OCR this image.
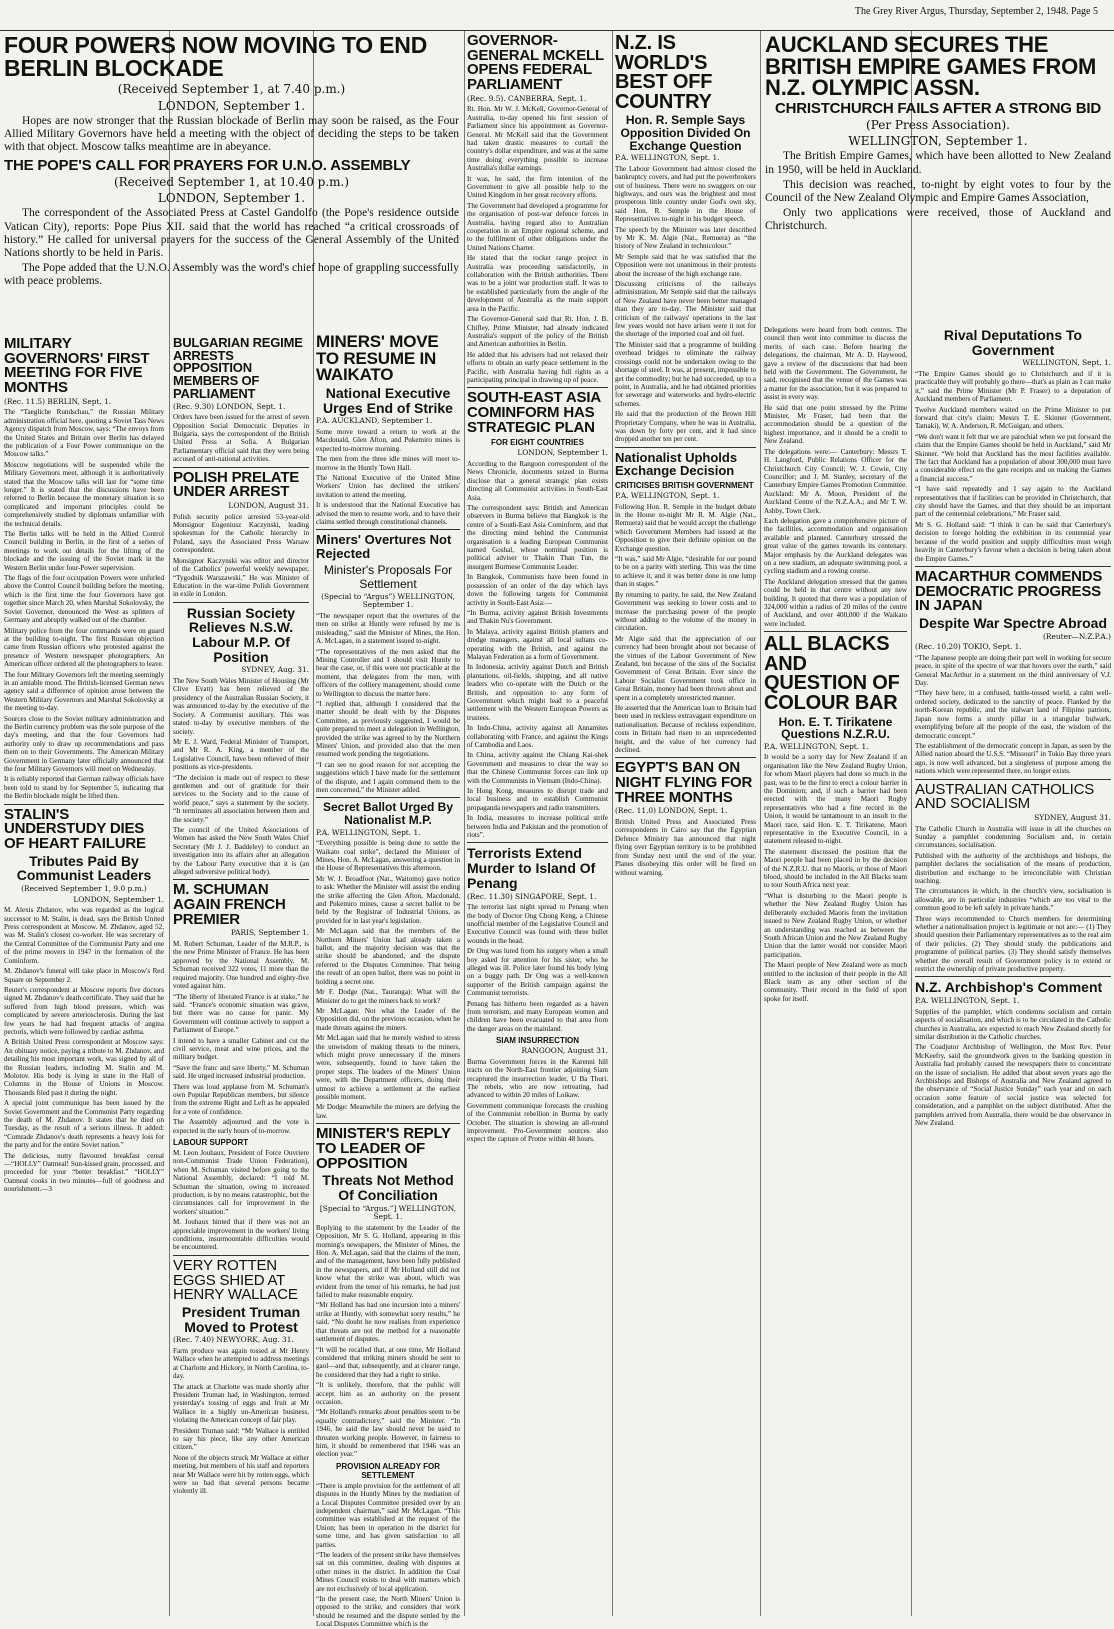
The Grey River Argus, Thursday, September 2, 1948. Page 5
FOUR POWERS NOW MOVING TO END BERLIN BLOCKADE
(Received September 1, at 7.40 p.m.)
LONDON, September 1.

Hopes are now stronger that the Russian blockade of Berlin may soon be raised, as the Four Allied Military Governors have held a meeting with the object of deciding the steps to be taken with that object. Moscow talks meantime are in abeyance.

THE POPE'S CALL FOR PRAYERS FOR U.N.O. ASSEMBLY
(Received September 1, at 10.40 p.m.)
LONDON, September 1.

The correspondent of the Associated Press at Castel Gandolfo (the Pope's residence outside Vatican City), reports: Pope Pius XII. said that the world has reached “a critical crossroads of history.” He called for universal prayers for the success of the General Assembly of the United Nations shortly to be held in Paris.

The Pope added that the U.N.O. Assembly was the word's chief hope of grappling successfully with peace problems.

MILITARY GOVERNORS' FIRST MEETING FOR FIVE MONTHS
(Rec. 11.5) BERLIN, Sept. 1.

The “Taegliche Rundschau,” the Russian Military administration official here, quoting a Soviet Tass News Agency dispatch from Moscow, says: “The envoys from the United States and Britain over Berlin has delayed the publication of a Four Power communique on the Moscow talks.”

Moscow negotiations will be suspended while the Military Governors meet, although it is authoritatively stated that the Moscow talks will last for “some time longer.” It is stated that the discussions have been referred to Berlin because the monetary situation is so complicated and important principles could be comprehensively studied by diplomats unfamiliar with the technical details.

The Berlin talks will be held in the Allied Control Council building in Berlin, in the first of a series of meetings to work out details for the lifting of the blockade and the issuing of the Soviet mark in the Western Berlin under four-Power supervision.

The flags of the four occupation Powers were unfurled above the Control Council building before the meeting, which is the first time the four Governors have got together since March 20, when Marshal Sokolovsky, the Soviet Governor, denounced the West as splitters of Germany and abruptly walked out of the chamber.

Military police from the four commands were on guard at the building to-night. The first Russian objection came from Russian officers who protested against the presence of Western newspaper photographers. An American officer ordered all the photographers to leave.

The four Military Governors left the meeting seemingly in an amiable mood. The British-licensed German news agency said a difference of opinion arose between the Western Military Governors and Marshal Sokolovsky at the meeting to-day.

Sources close to the Soviet military administration and the Berlin currency problem was the sole purpose of the day's meeting, and that the four Governors had authority only to draw up recommendations and pass them on to their Governments. The American Military Government in Germany later officially announced that the four Military Governors will meet on Wednesday.

It is reliably reported that German railway officials have been told to stand by for September 5, indicating that the Berlin blockade might be lifted then.

STALIN'S UNDERSTUDY DIES OF HEART FAILURE
Tributes Paid By Communist Leaders
(Received September 1, 9.0 p.m.)
LONDON, September 1.

M. Alexis Zhdanov, who was regarded as the logical successor to M. Stalin, is dead, says the British United Press correspondent at Moscow. M. Zhdanov, aged 52, was M. Stalin's closest co-worker. He was secretary of the Central Committee of the Communist Party and one of the prime movers in 1947 in the formation of the Cominform.

M. Zhdanov's funeral will take place in Moscow's Red Square on September 2.

Reuter's correspondent at Moscow reports five doctors signed M. Zhdanov's death certificate. They said that he suffered from high blood pressure, which was complicated by severe arteriosclerosis. During the last few years he had had frequent attacks of angina pectoris, which were followed by cardiac asthma.

A British United Press correspondent at Moscow says: An obituary notice, paying a tribute to M. Zhdanov, and detailing his most important work, was signed by all of the Russian leaders, including M. Stalin and M. Molotov. His body is lying in state in the Hall of Columns in the House of Unions in Moscow. Thousands filed past it during the night.

A special joint communique has been issued by the Soviet Government and the Communist Party regarding the death of M. Zhdanov. It states that he died on Tuesday, as the result of a serious illness. It added: “Comrade Zhdanov's death represents a heavy loss for the party and for the entire Soviet nation.”

The delicious, nutty flavoured breakfast cereal—“HOLLY” Oatmeal! Sun-kissed grain, processed, and proceeded for your “better breakfast.” “HOLLY” Oatmeal cooks in two minutes—full of goodness and nourishment.—3

BULGARIAN REGIME ARRESTS OPPOSITION MEMBERS OF PARLIAMENT
(Rec. 9.30) LONDON, Sept. 1.

Orders have been issued for the arrest of seven Opposition Social Democratic Deputies in Bulgaria, says the correspondent of the British United Press at Sofia. A Bulgarian Parliamentary official said that they were being accused of anti-national activities.

POLISH PRELATE UNDER ARREST
LONDON, August 31.

Polish security police arrested 53-year-old Monsignor Eugeniusz Kaczynski, leading spokesman for the Catholic hierarchy in Poland, says the Associated Press Warsaw correspondent.

Monsignor Kaczynski was editor and director of the Catholics' powerful weekly newspaper, “Tygodnik Warszawski.” He was Minister of Education in the war-time Polish Government in exile in London.

Russian Society Relieves N.S.W. Labour M.P. Of Position
SYDNEY, Aug. 31.

The New South Wales Minister of Housing (Mr Clive Evatt) has been relieved of the presidency of the Australian Russian Society, it was announced to-day by the executive of the Society. A Communist auxiliary. This was stated to-day by executive members of the society.

Mr E. J. Ward, Federal Minister of Transport, and Mr R. A. King, a member of the Legislative Council, have been relieved of their positions as vice-presidents.

“The decision is made out of respect to these gentlemen and out of gratitude for their services to the Society and to the cause of world peace,” says a statement by the society. “It terminates all association between them and the society.”

The council of the United Associations of Women has asked the New South Wales Chief Secretary (Mr J. J. Baddeley) to conduct an investigation into its affairs after an allegation by the Labour Party executive that it is (an alleged subversive political body).

M. SCHUMAN AGAIN FRENCH PREMIER
PARIS, September 1.

M. Robert Schuman, Leader of the M.R.P., is the new Prime Minister of France. He has been approved by the National Assembly. M. Schuman received 322 votes, 11 more than the required majority. One hundred and eighty-five voted against him.

“The liberty of liberated France is at stake,” he said. “France's economic situation was grave, but there was no cause for panic. My Government will continue actively to support a Parliament of Europe.”

I intend to have a smaller Cabinet and cut the civil service, meat and wine prices, and the military budget.

“Save the franc and save liberty,” M. Schuman said. He urged increased industrial production.

There was loud applause from M. Schuman's own Popular Republican members, but silence from the extreme Right and Left as he appealed for a vote of confidence.

The Assembly adjourned and the vote is expected in the early hours of to-morrow.

LABOUR SUPPORT

M. Leon Jouhaux, President of Force Ouvriere non-Communist Trade Union Federation), when M. Schuman visited before going to the National Assembly, declared: “I told M. Schuman the situation, owing to increased production, is by no means catastrophic, but the circumstances call for improvement in the workers' situation.”

M. Jouhaux hinted that if there was not an appreciable improvement in the workers' living conditions, insurmountable difficulties would be encountered.

VERY ROTTEN EGGS SHIED AT HENRY WALLACE
President Truman Moved to Protest
(Rec. 7.40) NEWYORK, Aug. 31.

Farm produce was again tossed at Mr Henry Wallace when he attempted to address meetings at Charlotte and Hickory, in North Carolina, to-day.

The attack at Charlotte was made shortly after President Truman had, in Washington, termed yesterday's tossing of eggs and fruit at Mr Wallace in a highly un-American business, violating the American concept of fair play.

President Truman said: “Mr Wallace is entitled to say his piece, like any other American citizen.”

None of the objects struck Mr Wallace at either meeting, but members of his staff and reporters near Mr Wallace were hit by rotten eggs, which were so bad that several persons became violently ill.

MINERS' MOVE TO RESUME IN WAIKATO
National Executive Urges End of Strike
P.A. AUCKLAND, September 1.

Some move toward a return to work at the Macdonald, Glen Afton, and Pukemiro mines is expected to-morrow morning.

The men from the three idle mines will meet to-morrow in the Huntly Town Hall.

The National Executive of the United Mine Workers' Union has declined the strikers' invitation to attend the meeting.

It is understood that the National Executive has advised the men to resume work, and to have their claims settled through constitutional channels.

Miners' Overtures Not Rejected
Minister's Proposals For Settlement
(Special to “Argus”) WELLINGTON, September 1.

“The newspaper report that the overtures of the men on strike at Huntly were refused by me is misleading,” said the Minister of Mines, the Hon. A. McLagan, in a statement issued to-night.

“The representatives of the men asked that the Mining Controller and I should visit Huntly to hear the case, or, if this were not practicable at the moment, that delegates from the men, with officers of the colliery management, should come to Wellington to discuss the matter here.

“I replied that, although I considered that the matter should be dealt with by the Disputes Committee, as previously suggested, I would be quite prepared to meet a delegation in Wellington, provided the strike was agreed to by the Northern Miners' Union, and provided also that the men resumed work pending the negotiations.

“I can see no good reason for not accepting the suggestions which I have made for the settlement of the dispute, and I again commend them to the men concerned,” the Minister added.

Secret Ballot Urged By Nationalist M.P.
P.A. WELLINGTON, Sept. 1.

“Everything possible is being done to settle the Waikato coal strike”, declared the Minister of Mines, Hon. A. McLagan, answering a question in the House of Representatives this afternoon.

Mr W. J. Broadfoot (Nat., Waitomo) gave notice to ask: Whether the Minister will assist the ending the strike affecting the Glen Afton, Macdonald, and Pukemiro mines, cause a secret ballot to be held by the Registrar of Industrial Unions, as provided for in last year's legislation.

Mr McLagan said that the members of the Northern Miners' Union had already taken a ballot, and the majority decision was that the strike should be abandoned, and the dispute referred to the Disputes Committee. That being the result of an open ballot, there was no point in holding a secret one.

Mr F. Dodge (Nat., Tauranga): What will the Minister do to get the miners back to work?

Mr McLagan: Not what the Leader of the Opposition did, on the previous occasion, when he made threats against the miners.

Mr McLagan said that he merely wished to stress the unwisdom of making threats to the miners, which might prove unnecessary if the miners were, subsequently, found to have taken the proper steps. The leaders of the Miners' Union were, with the Department officers, doing their utmost to achieve a settlement at the earliest possible moment.

Mr Dodge: Meanwhile the miners are defying the law.

MINISTER'S REPLY TO LEADER OF OPPOSITION
Threats Not Method Of Conciliation
[Special to “Argus.”] WELLINGTON, Sept. 1.

Replying to the statement by the Leader of the Opposition, Mr S. G. Holland, appearing in this morning's newspapers, the Minister of Mines, the Hon. A. McLagan, said that the claims of the men, and of the management, have been fully published in the newspapers, and if Mr Holland still did not know what the strike was about, which was evident from the tenor of his remarks, he had just failed to make reasonable enquiry.

“Mr Holland has had one incursion into a miners' strike at Huntly, with somewhat sorry results,” he said. “No doubt he now realises from experience that threats are not the method for a reasonable settlement of disputes.

“It will be recalled that, at one time, Mr Holland considered that striking miners should be sent to gaol—and that, subsequently, and at clearer range, he considered that they had a right to strike.

“It is unlikely, therefore, that the public will accept him as an authority on the present occasion.

“Mr Holland's remarks about penalties seem to be equally contradictory,” said the Minister. “In 1946, he said the law should never be used to threaten working people. However, in fairness to him, it should be remembered that 1946 was an election year.”

PROVISION ALREADY FOR SETTLEMENT

“There is ample provision for the settlement of all disputes in the Huntly Mines by the mediation of a Local Disputes Committee presided over by an independent chairman,” said Mr McLagan. “This committee was established at the request of the Union; has been in operation in the district for some time, and has given satisfaction to all parties.

“The leaders of the present strike have themselves sat on this committee, dealing with disputes at other mines in the district. In addition the Coal Mines Council exists to deal with matters which are not exclusively of local application.

“In the present case, the North Miners' Union is opposed to the strike, and considers that work should be resumed and the dispute settled by the Local Disputes Committee which is the

GOVERNOR-GENERAL MCKELL OPENS FEDERAL PARLIAMENT
(Rec. 9.5). CANBERRA, Sept. 1.

Rt. Hon. Mr W. J. McKell, Governor-General of Australia, to-day opened his first session of Parliament since his appointment as Governor-General. Mr McKell said that the Government had taken drastic measures to curtail the country's dollar expenditure, and was at the same time doing everything possible to increase Australia's dollar earnings.

It was, he said, the firm intention of the Government to give all possible help to the United Kingdom in her great recovery efforts.

The Government had developed a programme for the organisation of post-war defence forces in Australia, having regard also to Australian cooperation in an Empire regional scheme, and to the fulfilment of other obligations under the United Nations Charter.

He stated that the rocket range project in Australia was proceeding satisfactorily, in collaboration with the British authorities. There was to be a joint war production staff. It was to be established particularly from the angle of the development of Australia as the main support area in the Pacific.

The Governor-General said that Rt. Hon. J. B. Chifley, Prime Minister, had already indicated Australia's support of the policy of the British and American authorities in Berlin.

He added that his advisers had not relaxed their efforts to obtain an early peace settlement in the Pacific, with Australia having full rights as a participating principal in drawing up of peace.

SOUTH-EAST ASIA COMINFORM HAS STRATEGIC PLAN
FOR EIGHT COUNTRIES
LONDON, September 1.

According to the Rangoon correspondent of the News Chronicle, documents seized in Burma disclose that a general strategic plan exists directing all Communist activities in South-East Asia.

The correspondent says: British and American observers in Burma believe that Bangkok is the centre of a South-East Asia Cominform, and that the directing mind behind the Communist organisation is a leading European Communist named Goshal, whose nominal position is political adviser to Thakin Than Tun, the insurgent Burmese Communist Leader.

In Bangkok, Communists have been found in possession of an order of the day which lays down the following targets for Communist activity in South-East Asia:—

“In Burma, activity against British Investments and Thakin Nu's Government.

In Malaya, activity against British planters and dredge managers, against all local sultans co-operating with the British, and against the Malayan Federation as a form of Government.

In Indonesia, activity against Dutch and British plantations, oil-fields, shipping, and all native leaders who co-operate with the Dutch or the British, and opposition to any form of Government which might lead to a peaceful settlement with the Western European Powers as trustees.

In Indo-China, activity against all Annamites collaborating with France, and against the Kings of Cambodia and Laos.

In China, activity against the Chiang Kai-shek Government and measures to clear the way so that the Chinese Communist forces can link up with the Communists in Vietnam (Indo-China).

In Hong Kong, measures to disrupt trade and local business and to establish Communist propaganda newspapers and radio transmitters.

In India, measures to increase political strife between India and Pakistan and the promotion of riots”.

Terrorists Extend Murder to Island Of Penang
(Rec. 11.30) SINGAPORE, Sept. 1.

The terrorist last night spread to Penang when the body of Doctor Ong Chong Keng, a Chinese unofficial member of the Legislative Council and Executive Council was found with three bullet wounds in the head.

Dr Ong was lured from his surgery when a small boy asked for attention for his sister, who he alleged was ill. Police later found his body lying on a buggy path. Dr Ong was a well-known supporter of the British campaign against the Communist terrorists.

Penang has hitherto been regarded as a haven from terrorism, and many European women and children have been evacuated to that area from the danger areas on the mainland.

SIAM INSURRECTION
RANGOON, August 31.

Burma Government forces in the Karenni hill tracts on the North-East frontier adjoining Siam recaptured the insurrection leader, U Ba Thuri. The rebels, who are now retreating, had advanced to within 20 miles of Loikaw.

Government communique forecasts the crushing of the Communist rebellion in Burma by early October. The situation is showing an all-round improvement. Pro-Government sources also expect the capture of Prome within 48 hours.

N.Z. IS WORLD'S BEST OFF COUNTRY
Hon. R. Semple Says Opposition Divided On Exchange Question
P.A. WELLINGTON, Sept. 1.

The Labour Government had almost closed the bankruptcy covers, and had put the powerbrokers out of business. There were no swaggers on our highways, and ours was the brightest and most prosperous little country under God's own sky, said Hon. R. Semple in the House of Representatives to-night in his budget speech.

The speech by the Minister was later described by Mr K. M. Algie (Nat., Remuera) as “the history of New Zealand in technicolour.”

Mr Semple said that he was satisfied that the Opposition were not unanimous in their protests about the increase of the high exchange rate.

Discussing criticisms of the railways administration, Mr Semple said that the railways of New Zealand have never been better managed than they are to-day. The Minister said that criticism of the railways' operations in the last few years would not have arisen were it not for the shortage of the imported coal and oil fuel.

The Minister said that a programme of building overhead bridges to eliminate the railway crossings could not be undertaken owing to the shortage of steel. It was, at present, impossible to get the commodity; but he had succeeded, up to a point, in Australia, and he had obtained priorities for sewerage and waterworks and hydro-electric schemes.

He said that the production of the Brown Hill Proprietary Company, when he was in Australia, was down by forty per cent, and it had since dropped another ten per cent.

Nationalist Upholds Exchange Decision
CRITICISES BRITISH GOVERNMENT
P.A. WELLINGTON, Sept. 1.

Following Hon. R. Semple in the budget debate in the House to-night Mr R. M. Algie (Nat., Remuera) said that he would accept the challenge which Government Members had issued at the Opposition to give their definite opinion on the Exchange question.

“It was,” said Mr Algie, “desirable for our pound to be on a parity with sterling. This was the time to achieve it, and it was better done in one lump than in stages.”

By returning to parity, he said, the New Zealand Government was seeking to lower costs and to increase the purchasing power of the people without adding to the volume of the money in circulation.

Mr Algie said that the appreciation of our currency had been brought about not because of the virtues of the Labour Government of New Zealand, but because of the sins of the Socialist Government of Great Britain. Ever since the Labour Socialist Government took office in Great Britain, money had been thrown about and spent in a completely unrestricted manner.

He asserted that the American loan to Britain had been used in reckless extravagant expenditure on nationalisation. Because of reckless expenditure, costs in Britain had risen to an unprecedented height, and the value of her currency had declined.

EGYPT'S BAN ON NIGHT FLYING FOR THREE MONTHS
(Rec. 11.0) LONDON, Sept. 1.

British United Press and Associated Press correspondents in Cairo say that the Egyptian Defence Ministry has announced that night flying over Egyptian territory is to be prohibited from Sunday next until the end of the year. Planes disobeying this order will be fired on without warning.

AUCKLAND SECURES THE BRITISH EMPIRE GAMES FROM N.Z. OLYMPIC ASSN.
CHRISTCHURCH FAILS AFTER A STRONG BID
(Per Press Association).
WELLINGTON, September 1.

The British Empire Games, which have been allotted to New Zealand in 1950, will be held in Auckland.

This decision was reached, to-night by eight votes to four by the Council of the New Zealand Olympic and Empire Games Association,

Only two applications were received, those of Auckland and Christchurch.

Delegations were heard from both centres. The council then went into committee to discuss the merits of each case. Before hearing the delegations, the chairman, Mr A. D. Haywood, gave a review of the discussions that had been held with the Government. The Government, he said, recognised that the venue of the Games was a matter for the association, but it was prepared to assist in every way.

He said that one point stressed by the Prime Minister, Mr Fraser, had been that the accommodation should be a question of the highest importance, and it should be a credit to New Zealand.

The delegations were:— Canterbury: Messrs T. H. Langford, Public Relations Officer for the Christchurch City Council; W. J. Cowie, City Councillor; and J. M. Stanley, secretary of the Canterbury Empire Games Promotion Committee. Auckland: Mr A. Moon, President of the Auckland Centre of the N.Z.A.A.; and Mr T. W. Ashby, Town Clerk.

Each delegation gave a comprehensive picture of the facilities, accommodation and organisation available and planned. Canterbury stressed the great value of the games towards its centenary. Major emphasis by the Auckland delegates was on a new stadium, an adequate swimming pool, a cycling stadium and a rowing course.

The Auckland delegation stressed that the games could be held in that centre without any new building. It quoted that there was a population of 324,000 within a radius of 20 miles of the centre of Auckland, and over 400,000 if the Waikato were included.

ALL BLACKS AND QUESTION OF COLOUR BAR
Hon. E. T. Tirikatene Questions N.Z.R.U.
P.A. WELLINGTON, Sept. 1.

It would be a sorry day for New Zealand if an organisation like the New Zealand Rugby Union, for whom Maori players had done so much in the past, was to be the first to erect a colour barrier in the Dominion; and, if such a barrier had been erected with the many Maori Rugby representatives who had a fine record in the Union, it would be tantamount to an insult to the Maori race, said Hon. E. T. Tirikatene, Maori representative in the Executive Council, in a statement released to-night.

The statement discussed the position that the Maori people had been placed in by the decision of the N.Z.R.U. that no Maoris, or those of Maori blood, should be included in the All Blacks team to tour South Africa next year.

“What is disturbing to the Maori people is whether the New Zealand Rugby Union has deliberately excluded Maoris from the invitation issued to New Zealand Rugby Union, or whether an understanding was reached as between the South African Union and the New Zealand Rugby Union that the latter would not consider Maori participation.

The Maori people of New Zealand were as much entitled to the inclusion of their people in the All Black team as any other section of the community. Their record in the field of sport spoke for itself.

Rival Deputations To Government
WELLINGTON, Sept. 1.

“The Empire Games should go to Christchurch and if it is practicable they will probably go there—that's as plain as I can make it,” said the Prime Minister (Mr P. Fraser) to a deputation of Auckland members of Parliament.

Twelve Auckland members waited on the Prime Minister to put forward that city's claim: Messrs T. E. Skinner (Government, Tamaki), W. A. Anderson, R. McGuigan, and others.

“We don't want it felt that we are parochial when we put forward the claim that the Empire Games should be held in Auckland,” said Mr Skinner. “We hold that Auckland has the most facilities available. The fact that Auckland has a population of about 300,000 must have a considerable effect on the gate receipts and on making the Games a financial success.”

“I have said repeatedly and I say again to the Auckland representatives that if facilities can be provided in Christchurch, that city should have the Games, and that they should be an important part of the centennial celebrations,” Mr Fraser said.

Mr S. G. Holland said: “I think it can be said that Canterbury's decision to forego holding the exhibition in its centennial year because of the world position and supply difficulties must weigh heavily in Canterbury's favour when a decision is being taken about the Empire Games.”

MACARTHUR COMMENDS DEMOCRATIC PROGRESS IN JAPAN
Despite War Spectre Abroad
(Reuter—N.Z.P.A.)
(Rec. 10.20) TOKIO, Sept. 1.

“The Japanese people are doing their part well in working for secure peace, in spite of the spectre of war that hovers over the earth,” said General MacArthur in a statement on the third anniversary of V.J. Day.

“They have here, in a confused, battle-tossed world, a calm well-ordered society, dedicated to the sanctity of peace. Flanked by the north-Korean republic, and the stalwart land of Filipino patriots, Japan now forms a sturdy pillar in a triangular bulwark, exemplifying before all the people of the east, the wisdom of the democratic concept.”

The establishment of the democratic concept in Japan, as seen by the Allied nation aboard the U.S.S. “Missouri” in Tokio Bay three years ago, is now well advanced, but a singleness of purpose among the nations which were represented there, no longer exists.

AUSTRALIAN CATHOLICS AND SOCIALISM
SYDNEY, August 31.

The Catholic Church in Australia will issue in all the churches on Sunday a pamphlet condemning Socialism and, in certain circumstances, socialisation.

Published with the authority of the archbishops and bishops, the pamphlet declares the socialisation of the means of production, distribution and exchange to be irreconcilable with Christian teaching.

The circumstances in which, in the church's view, socialisation is allowable, are in particular industries “which are too vital to the common good to be left safely in private hands.”

Three ways recommended to Church members for determining whether a nationalisation project is legitimate or not are:— (1) They should question their Parliamentary representatives as to the real aim of their policies. (2) They should study the publications and programme of political parties. (3) They should satisfy themselves whether the overall result of Government policy is to extend or restrict the ownership of private productive property.

N.Z. Archbishop's Comment
P.A. WELLINGTON, Sept. 1.

Supplies of the pamphlet, which condemns socialism and certain aspects of socialisation, and which is to be circulated in the Catholic churches in Australia, are expected to reach New Zealand shortly for similar distribution in the Catholic churches.

The Coadjutor Archbishop of Wellington, the Most Rev. Peter McKeefry, said the groundwork given to the banking question in Australia had probably caused the newspapers there to concentrate on the issue of socialism. He added that about seven years ago the Archbishops and Bishops of Australia and New Zealand agreed to the observance of “Social Justice Sunday” each year and on each occasion some feature of social justice was selected for consideration, and a pamphlet on the subject distributed. After the pamphlets arrived from Australia, there would be due observance in New Zealand.
